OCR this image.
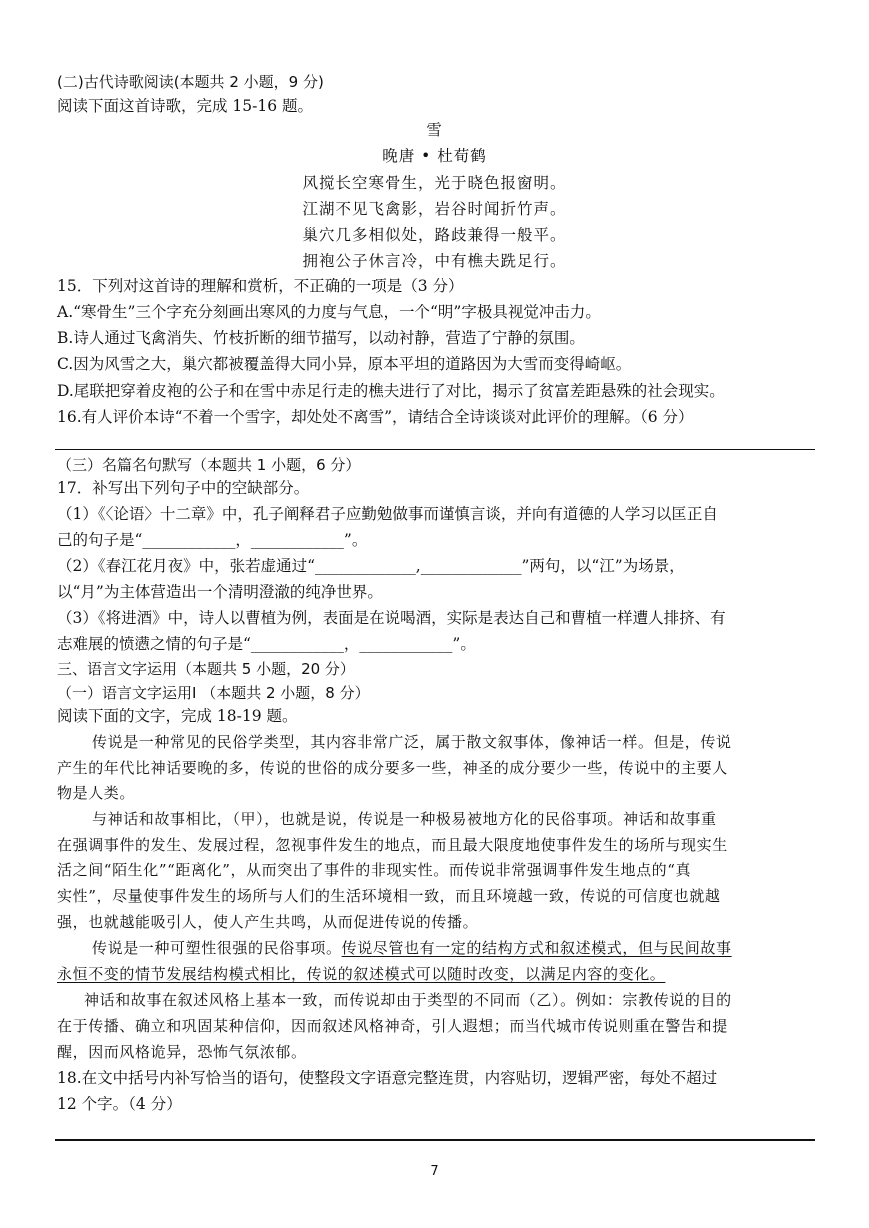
(二)古代诗歌阅读(本题共 2 小题，9 分)
阅读下面这首诗歌，完成 15-16 题。
雪
晚唐 • 杜荀鹤
风搅长空寒骨生，光于晓色报窗明。
江湖不见飞禽影，岩谷时闻折竹声。
巢穴几多相似处，路歧兼得一般平。
拥袍公子休言冷，中有樵夫跣足行。
15．下列对这首诗的理解和赏析，不正确的一项是（3 分）
A.“寒骨生”三个字充分刻画出寒风的力度与气息，一个“明”字极具视觉冲击力。
B.诗人通过飞禽消失、竹枝折断的细节描写，以动衬静，营造了宁静的氛围。
C.因为风雪之大，巢穴都被覆盖得大同小异，原本平坦的道路因为大雪而变得崎岖。
D.尾联把穿着皮袍的公子和在雪中赤足行走的樵夫进行了对比，揭示了贫富差距悬殊的社会现实。
16.有人评价本诗“不着一个雪字，却处处不离雪”，请结合全诗谈谈对此评价的理解。（6 分）
（三）名篇名句默写（本题共 1 小题，6 分）
17．补写出下列句子中的空缺部分。
（1）《〈论语〉十二章》中，孔子阐释君子应勤勉做事而谨慎言谈，并向有道德的人学习以匡正自
己的句子是“____________，____________”。
（2）《春江花月夜》中，张若虚通过“_____________,_____________”两句，以“江”为场景，
以“月”为主体营造出一个清明澄澈的纯净世界。
（3）《将进酒》中，诗人以曹植为例，表面是在说喝酒，实际是表达自己和曹植一样遭人排挤、有
志难展的愤懑之情的句子是“____________，____________”。
三、语言文字运用（本题共 5 小题，20 分）
（一）语言文字运用Ⅰ （本题共 2 小题，8 分）
阅读下面的文字，完成 18-19 题。
传说是一种常见的民俗学类型，其内容非常广泛，属于散文叙事体，像神话一样。但是，传说
产生的年代比神话要晚的多，传说的世俗的成分要多一些，神圣的成分要少一些，传说中的主要人
物是人类。
与神话和故事相比，（甲），也就是说，传说是一种极易被地方化的民俗事项。神话和故事重
在强调事件的发生、发展过程，忽视事件发生的地点，而且最大限度地使事件发生的场所与现实生
活之间“陌生化”“距离化”，从而突出了事件的非现实性。而传说非常强调事件发生地点的“真
实性”，尽量使事件发生的场所与人们的生活环境相一致，而且环境越一致，传说的可信度也就越
强，也就越能吸引人，使人产生共鸣，从而促进传说的传播。
传说是一种可塑性很强的民俗事项。传说尽管也有一定的结构方式和叙述模式，但与民间故事
永恒不变的情节发展结构模式相比，传说的叙述模式可以随时改变，以满足内容的变化。
神话和故事在叙述风格上基本一致，而传说却由于类型的不同而（乙）。例如：宗教传说的目的
在于传播、确立和巩固某种信仰，因而叙述风格神奇，引人遐想；而当代城市传说则重在警告和提
醒，因而风格诡异，恐怖气氛浓郁。
18.在文中括号内补写恰当的语句，使整段文字语意完整连贯，内容贴切，逻辑严密，每处不超过
12 个字。（4 分）
7
